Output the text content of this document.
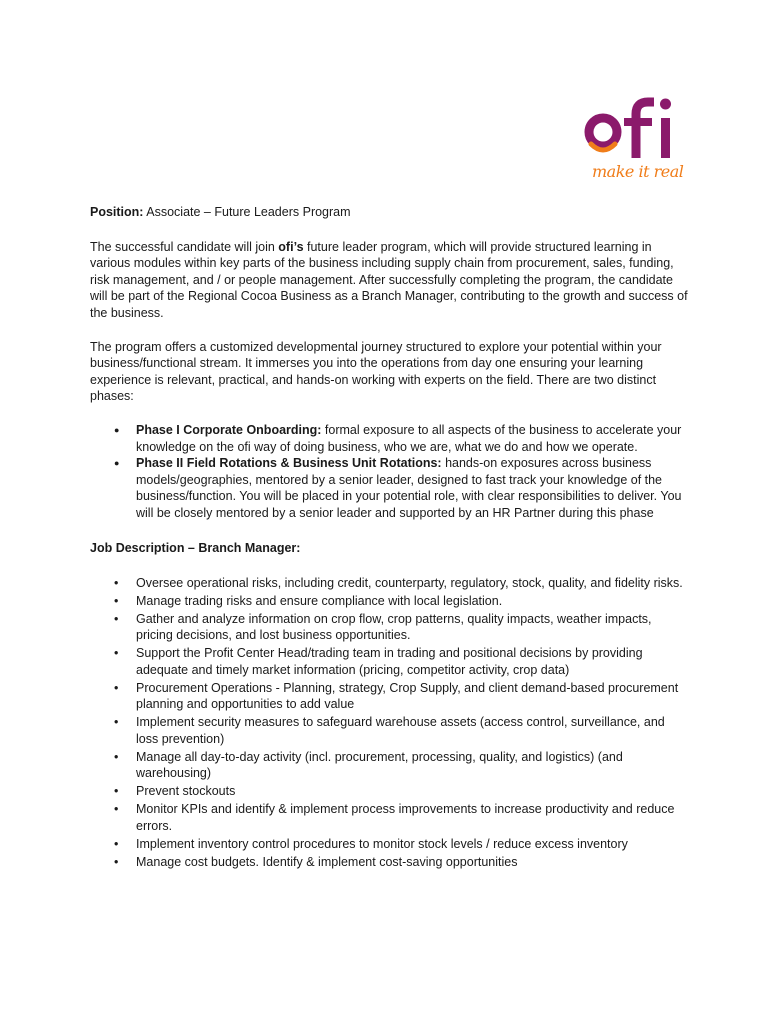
make it real

Position: Associate – Future Leaders Program

The successful candidate will join ofi’s future leader program, which will provide structured learning in various modules within key parts of the business including supply chain from procurement, sales, funding, risk management, and / or people management. After successfully completing the program, the candidate will be part of the Regional Cocoa Business as a Branch Manager, contributing to the growth and success of the business.

The program offers a customized developmental journey structured to explore your potential within your business/functional stream. It immerses you into the operations from day one ensuring your learning experience is relevant, practical, and hands-on working with experts on the field. There are two distinct phases:

● Phase I Corporate Onboarding: formal exposure to all aspects of the business to accelerate your knowledge on the ofi way of doing business, who we are, what we do and how we operate.
● Phase II Field Rotations & Business Unit Rotations: hands-on exposures across business models/geographies, mentored by a senior leader, designed to fast track your knowledge of the business/function. You will be placed in your potential role, with clear responsibilities to deliver. You will be closely mentored by a senior leader and supported by an HR Partner during this phase

Job Description – Branch Manager:

• Oversee operational risks, including credit, counterparty, regulatory, stock, quality, and fidelity risks.
• Manage trading risks and ensure compliance with local legislation.
• Gather and analyze information on crop flow, crop patterns, quality impacts, weather impacts, pricing decisions, and lost business opportunities.
• Support the Profit Center Head/trading team in trading and positional decisions by providing adequate and timely market information (pricing, competitor activity, crop data)
• Procurement Operations - Planning, strategy, Crop Supply, and client demand-based procurement planning and opportunities to add value
• Implement security measures to safeguard warehouse assets (access control, surveillance, and loss prevention)
• Manage all day-to-day activity (incl. procurement, processing, quality, and logistics) (and warehousing)
• Prevent stockouts
• Monitor KPIs and identify & implement process improvements to increase productivity and reduce errors.
• Implement inventory control procedures to monitor stock levels / reduce excess inventory
• Manage cost budgets. Identify & implement cost-saving opportunities
